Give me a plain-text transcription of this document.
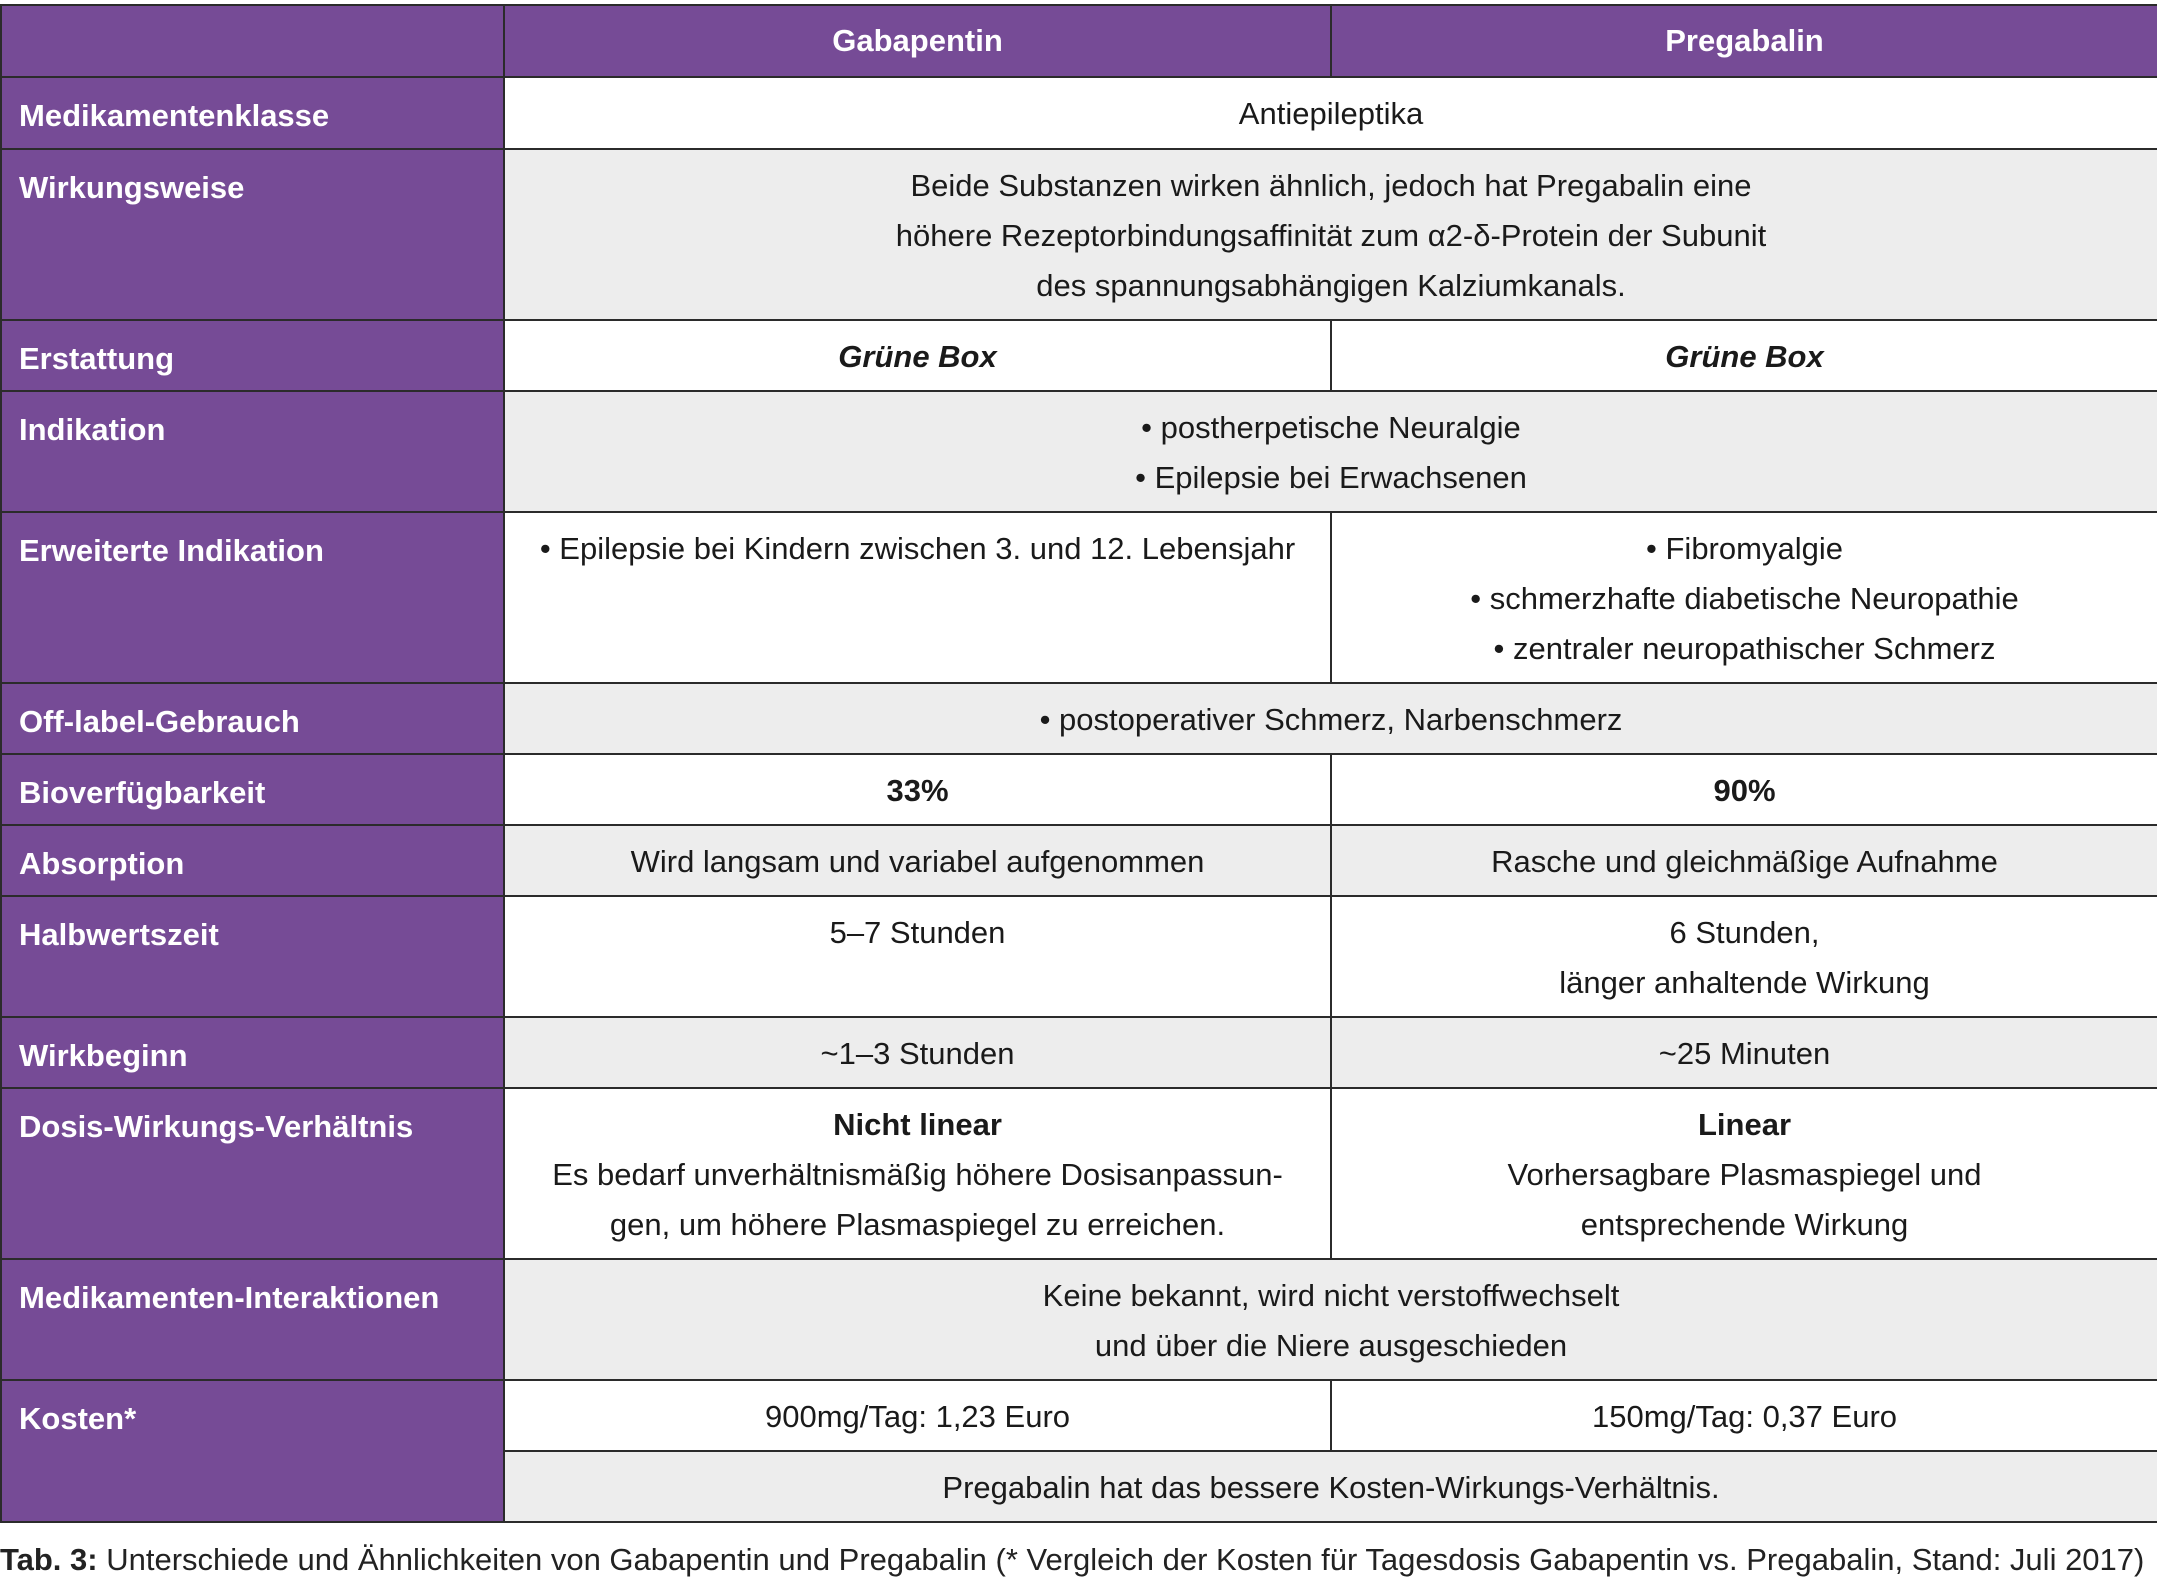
	Gabapentin	Pregabalin
Medikamentenklasse	Antiepileptika	

Wirkungsweise	Beide Substanzen wirken ähnlich, jedoch hat Pregabalin eine
höhere Rezeptorbindungsaffinität zum α2-δ-Protein der Subunit
des spannungsabhängigen Kalziumkanals.	

Erstattung	Grüne Box	Grüne Box

Indikation	• postherpetische Neuralgie
• Epilepsie bei Erwachsenen	

Erweiterte Indikation	• Epilepsie bei Kindern zwischen 3. und 12. Lebensjahr	• Fibromyalgie
• schmerzhafte diabetische Neuropathie
• zentraler neuropathischer Schmerz

Off-label-Gebrauch	• postoperativer Schmerz, Narbenschmerz	

Bioverfügbarkeit	33%	90%

Absorption	Wird langsam und variabel aufgenommen	Rasche und gleichmäßige Aufnahme

Halbwertszeit	5–7 Stunden	6 Stunden,
länger anhaltende Wirkung

Wirkbeginn	~1–3 Stunden	~25 Minuten

Dosis-Wirkungs-Verhältnis	Nicht linear
Es bedarf unverhältnismäßig höhere Dosisanpassun-
gen, um höhere Plasmaspiegel zu erreichen.	Linear
Vorhersagbare Plasmaspiegel und
entsprechende Wirkung

Medikamenten-Interaktionen	Keine bekannt, wird nicht verstoffwechselt
und über die Niere ausgeschieden	

Kosten*	900mg/Tag: 1,23 Euro	150mg/Tag: 0,37 Euro

	Pregabalin hat das bessere Kosten-Wirkungs-Verhältnis.	
Tab. 3: Unterschiede und Ähnlichkeiten von Gabapentin und Pregabalin (* Vergleich der Kosten für Tagesdosis Gabapentin vs. Pregabalin, Stand: Juli 2017)
